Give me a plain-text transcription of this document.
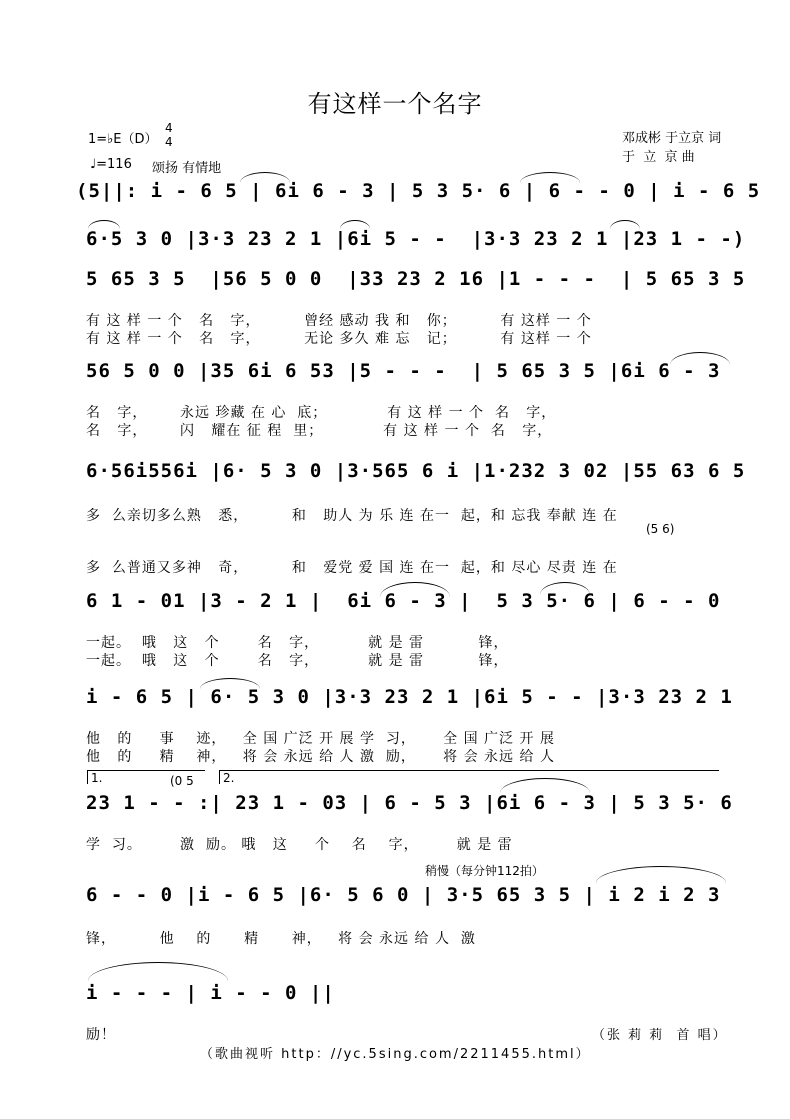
有这样一个名字
1=♭E（D）
4
4
♩=116 颂扬 有情地
邓成彬 于立京 词
于  立  京 曲
(5||: i - 6 5 | 6i 6 - 3 | 5 3 5· 6 | 6 - - 0 | i - 6 5
6·5 3 0 |3·3 23 2 1 |6i 5 - -  |3·3 23 2 1 |23 1 - -)
5 65 3 5  |56 5 0 0  |33 23 2 16 |1 - - -  | 5 65 3 5
有 这 样 一 个   名   字，        曾经 感动 我 和   你；        有 这样 一 个
有 这 样 一 个   名   字，        无论 多久 难 忘   记；        有 这样 一 个
56 5 0 0 |35 6i 6 53 |5 - - -  | 5 65 3 5 |6i 6 - 3
名   字，      永远 珍藏 在 心  底；           有 这 样 一 个  名   字，
名   字，      闪   耀在 征 程  里；           有 这 样 一 个  名   字，
6·56i556i |6· 5 3 0 |3·565 6 i |1·232 3 02 |55 63 6 5
多  么亲切多么熟   悉，        和   助人 为 乐 连 在一  起，和 忘我 奉献 连 在
(5 6)
多  么普通又多神   奇，        和   爱党 爱 国 连 在一  起，和 尽心 尽责 连 在
6 1 - 01 |3 - 2 1 |  6i 6 - 3 |  5 3 5· 6 | 6 - - 0
一起。  哦   这   个       名   字，         就 是 雷          锋，
一起。  哦   这   个       名   字，         就 是 雷          锋，
i - 6 5 | 6· 5 3 0 |3·3 23 2 1 |6i 5 - - |3·3 23 2 1
他   的     事    迹，   全 国 广泛 开 展 学  习，     全 国 广泛 开 展
他   的     精    神，   将 会 永远 给 人 激  励，     将 会 永远 给 人
1.	(0 5 2.
23 1 - - :| 23 1 - 03 | 6 - 5 3 |6i 6 - 3 | 5 3 5· 6
学  习。       激  励。 哦   这     个    名    字，       就 是 雷
稍慢（每分钟112拍）
6 - - 0 |i - 6 5 |6· 5 6 0 | 3·5 65 3 5 | i 2 i 2 3
锋，        他    的      精      神，   将 会 永远 给 人  激
i - - - | i - - 0 ||
励！	（张 莉 莉  首 唱）
（歌曲视听 http：//yc.5sing.com/2211455.html）
